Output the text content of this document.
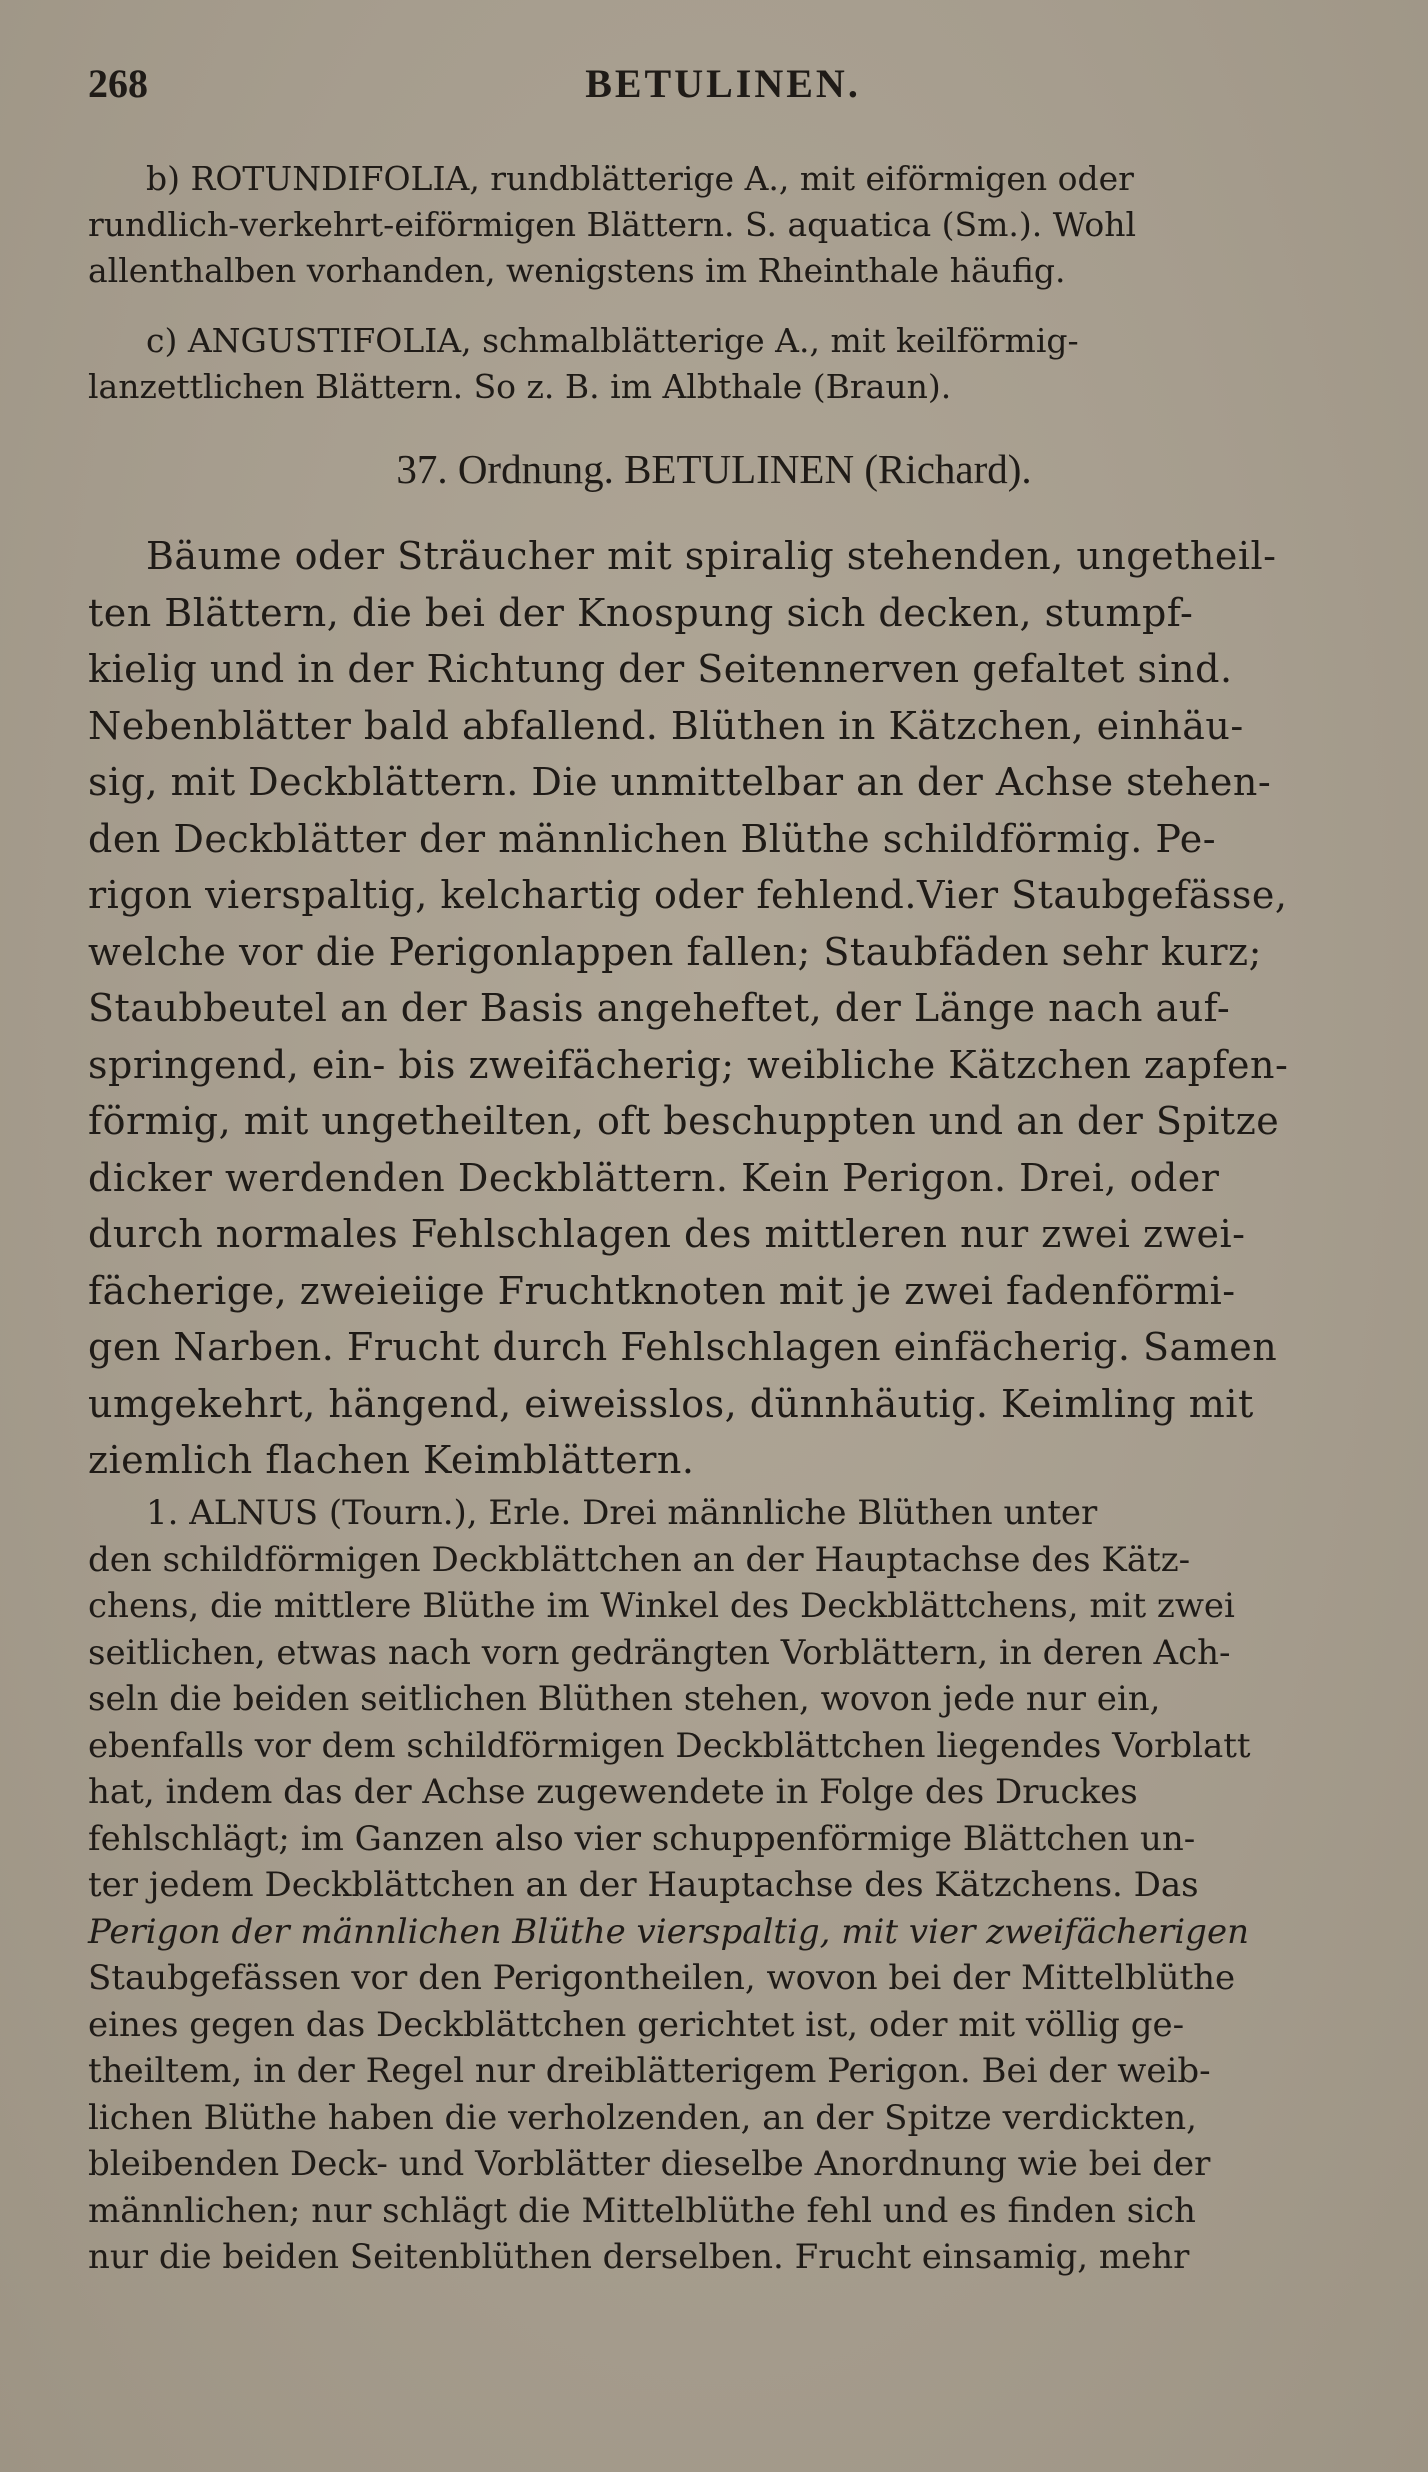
268	BETULINEN.
b) ROTUNDIFOLIA, rundblätterige A., mit eiförmigen oder
rundlich-verkehrt-eiförmigen Blättern. S. aquatica (Sm.). Wohl
allenthalben vorhanden, wenigstens im Rheinthale häufig.
c) ANGUSTIFOLIA, schmalblätterige A., mit keilförmig-
lanzettlichen Blättern. So z. B. im Albthale (Braun).
37. Ordnung. BETULINEN (Richard).
Bäume oder Sträucher mit spiralig stehenden, ungetheil-
ten Blättern, die bei der Knospung sich decken, stumpf-
kielig und in der Richtung der Seitennerven gefaltet sind.
Nebenblätter bald abfallend. Blüthen in Kätzchen, einhäu-
sig, mit Deckblättern. Die unmittelbar an der Achse stehen-
den Deckblätter der männlichen Blüthe schildförmig. Pe-
rigon vierspaltig, kelchartig oder fehlend.Vier Staubgefässe,
welche vor die Perigonlappen fallen; Staubfäden sehr kurz;
Staubbeutel an der Basis angeheftet, der Länge nach auf-
springend, ein- bis zweifächerig; weibliche Kätzchen zapfen-
förmig, mit ungetheilten, oft beschuppten und an der Spitze
dicker werdenden Deckblättern. Kein Perigon. Drei, oder
durch normales Fehlschlagen des mittleren nur zwei zwei-
fächerige, zweieiige Fruchtknoten mit je zwei fadenförmi-
gen Narben. Frucht durch Fehlschlagen einfächerig. Samen
umgekehrt, hängend, eiweisslos, dünnhäutig. Keimling mit
ziemlich flachen Keimblättern.
1. ALNUS (Tourn.), Erle. Drei männliche Blüthen unter
den schildförmigen Deckblättchen an der Hauptachse des Kätz-
chens, die mittlere Blüthe im Winkel des Deckblättchens, mit zwei
seitlichen, etwas nach vorn gedrängten Vorblättern, in deren Ach-
seln die beiden seitlichen Blüthen stehen, wovon jede nur ein,
ebenfalls vor dem schildförmigen Deckblättchen liegendes Vorblatt
hat, indem das der Achse zugewendete in Folge des Druckes
fehlschlägt; im Ganzen also vier schuppenförmige Blättchen un-
ter jedem Deckblättchen an der Hauptachse des Kätzchens. Das
Perigon der männlichen Blüthe vierspaltig, mit vier zweifächerigen
Staubgefässen vor den Perigontheilen, wovon bei der Mittelblüthe
eines gegen das Deckblättchen gerichtet ist, oder mit völlig ge-
theiltem, in der Regel nur dreiblätterigem Perigon. Bei der weib-
lichen Blüthe haben die verholzenden, an der Spitze verdickten,
bleibenden Deck- und Vorblätter dieselbe Anordnung wie bei der
männlichen; nur schlägt die Mittelblüthe fehl und es finden sich
nur die beiden Seitenblüthen derselben. Frucht einsamig, mehr
